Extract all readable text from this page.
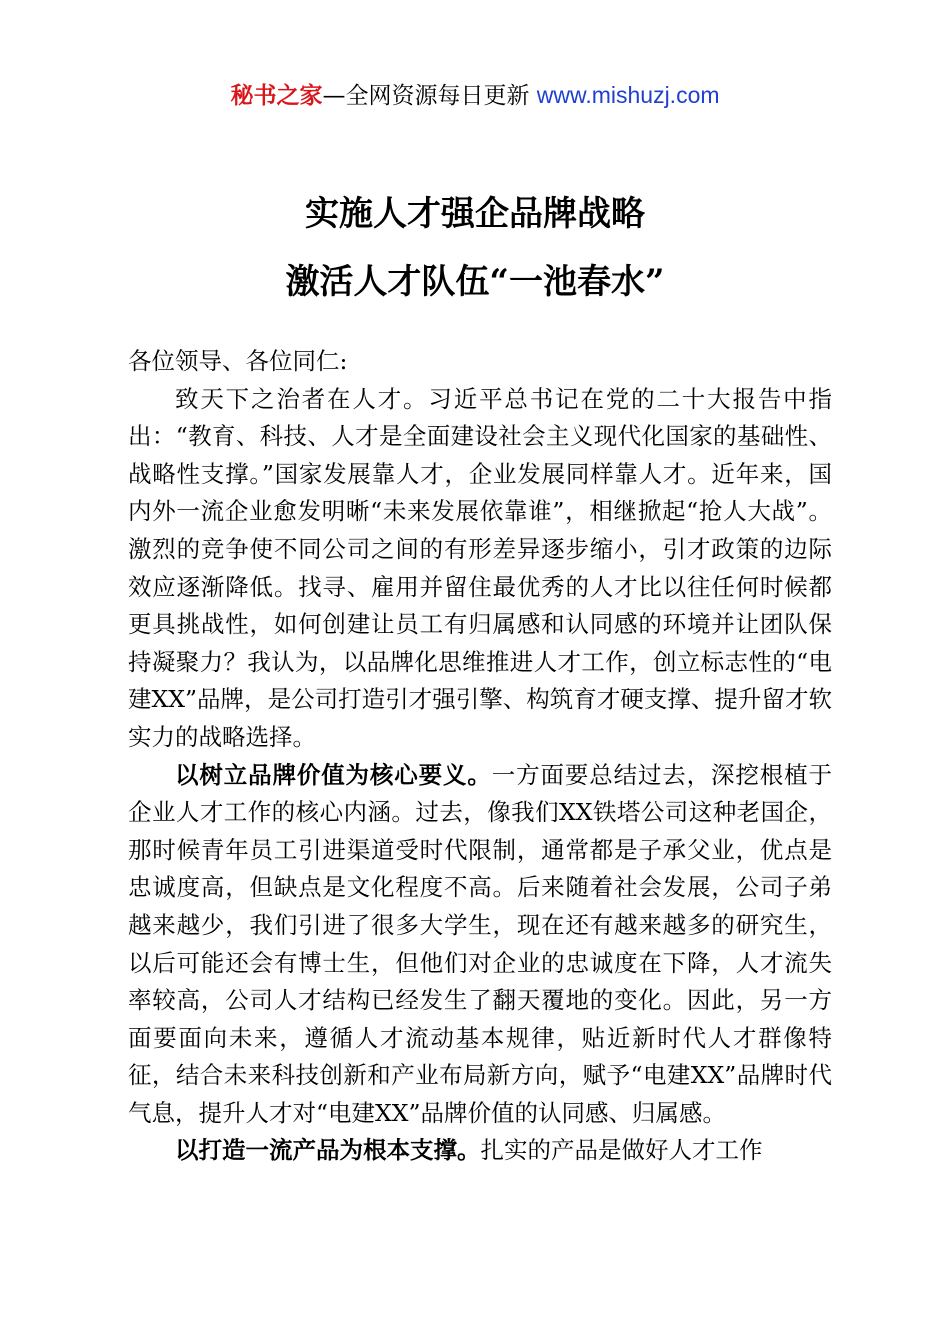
秘书之家—全网资源每日更新 www.mishuzj.com
实施人才强企品牌战略
激活人才队伍“一池春水”

各位领导、各位同仁:

致天下之治者在人才。习近平总书记在党的二十大报告中指出：“教育、科技、人才是全面建设社会主义现代化国家的基础性、战略性支撑。”国家发展靠人才，企业发展同样靠人才。近年来，国内外一流企业愈发明晰“未来发展依靠谁”，相继掀起“抢人大战”。激烈的竞争使不同公司之间的有形差异逐步缩小，引才政策的边际效应逐渐降低。找寻、雇用并留住最优秀的人才比以往任何时候都更具挑战性，如何创建让员工有归属感和认同感的环境并让团队保持凝聚力？我认为，以品牌化思维推进人才工作，创立标志性的“电建XX”品牌，是公司打造引才强引擎、构筑育才硬支撑、提升留才软实力的战略选择。

以树立品牌价值为核心要义。一方面要总结过去，深挖根植于企业人才工作的核心内涵。过去，像我们XX铁塔公司这种老国企，那时候青年员工引进渠道受时代限制，通常都是子承父业，优点是忠诚度高，但缺点是文化程度不高。后来随着社会发展，公司子弟越来越少，我们引进了很多大学生，现在还有越来越多的研究生，以后可能还会有博士生，但他们对企业的忠诚度在下降，人才流失率较高，公司人才结构已经发生了翻天覆地的变化。因此，另一方面要面向未来，遵循人才流动基本规律，贴近新时代人才群像特征，结合未来科技创新和产业布局新方向，赋予“电建XX”品牌时代气息，提升人才对“电建XX”品牌价值的认同感、归属感。

以打造一流产品为根本支撑。扎实的产品是做好人才工作
